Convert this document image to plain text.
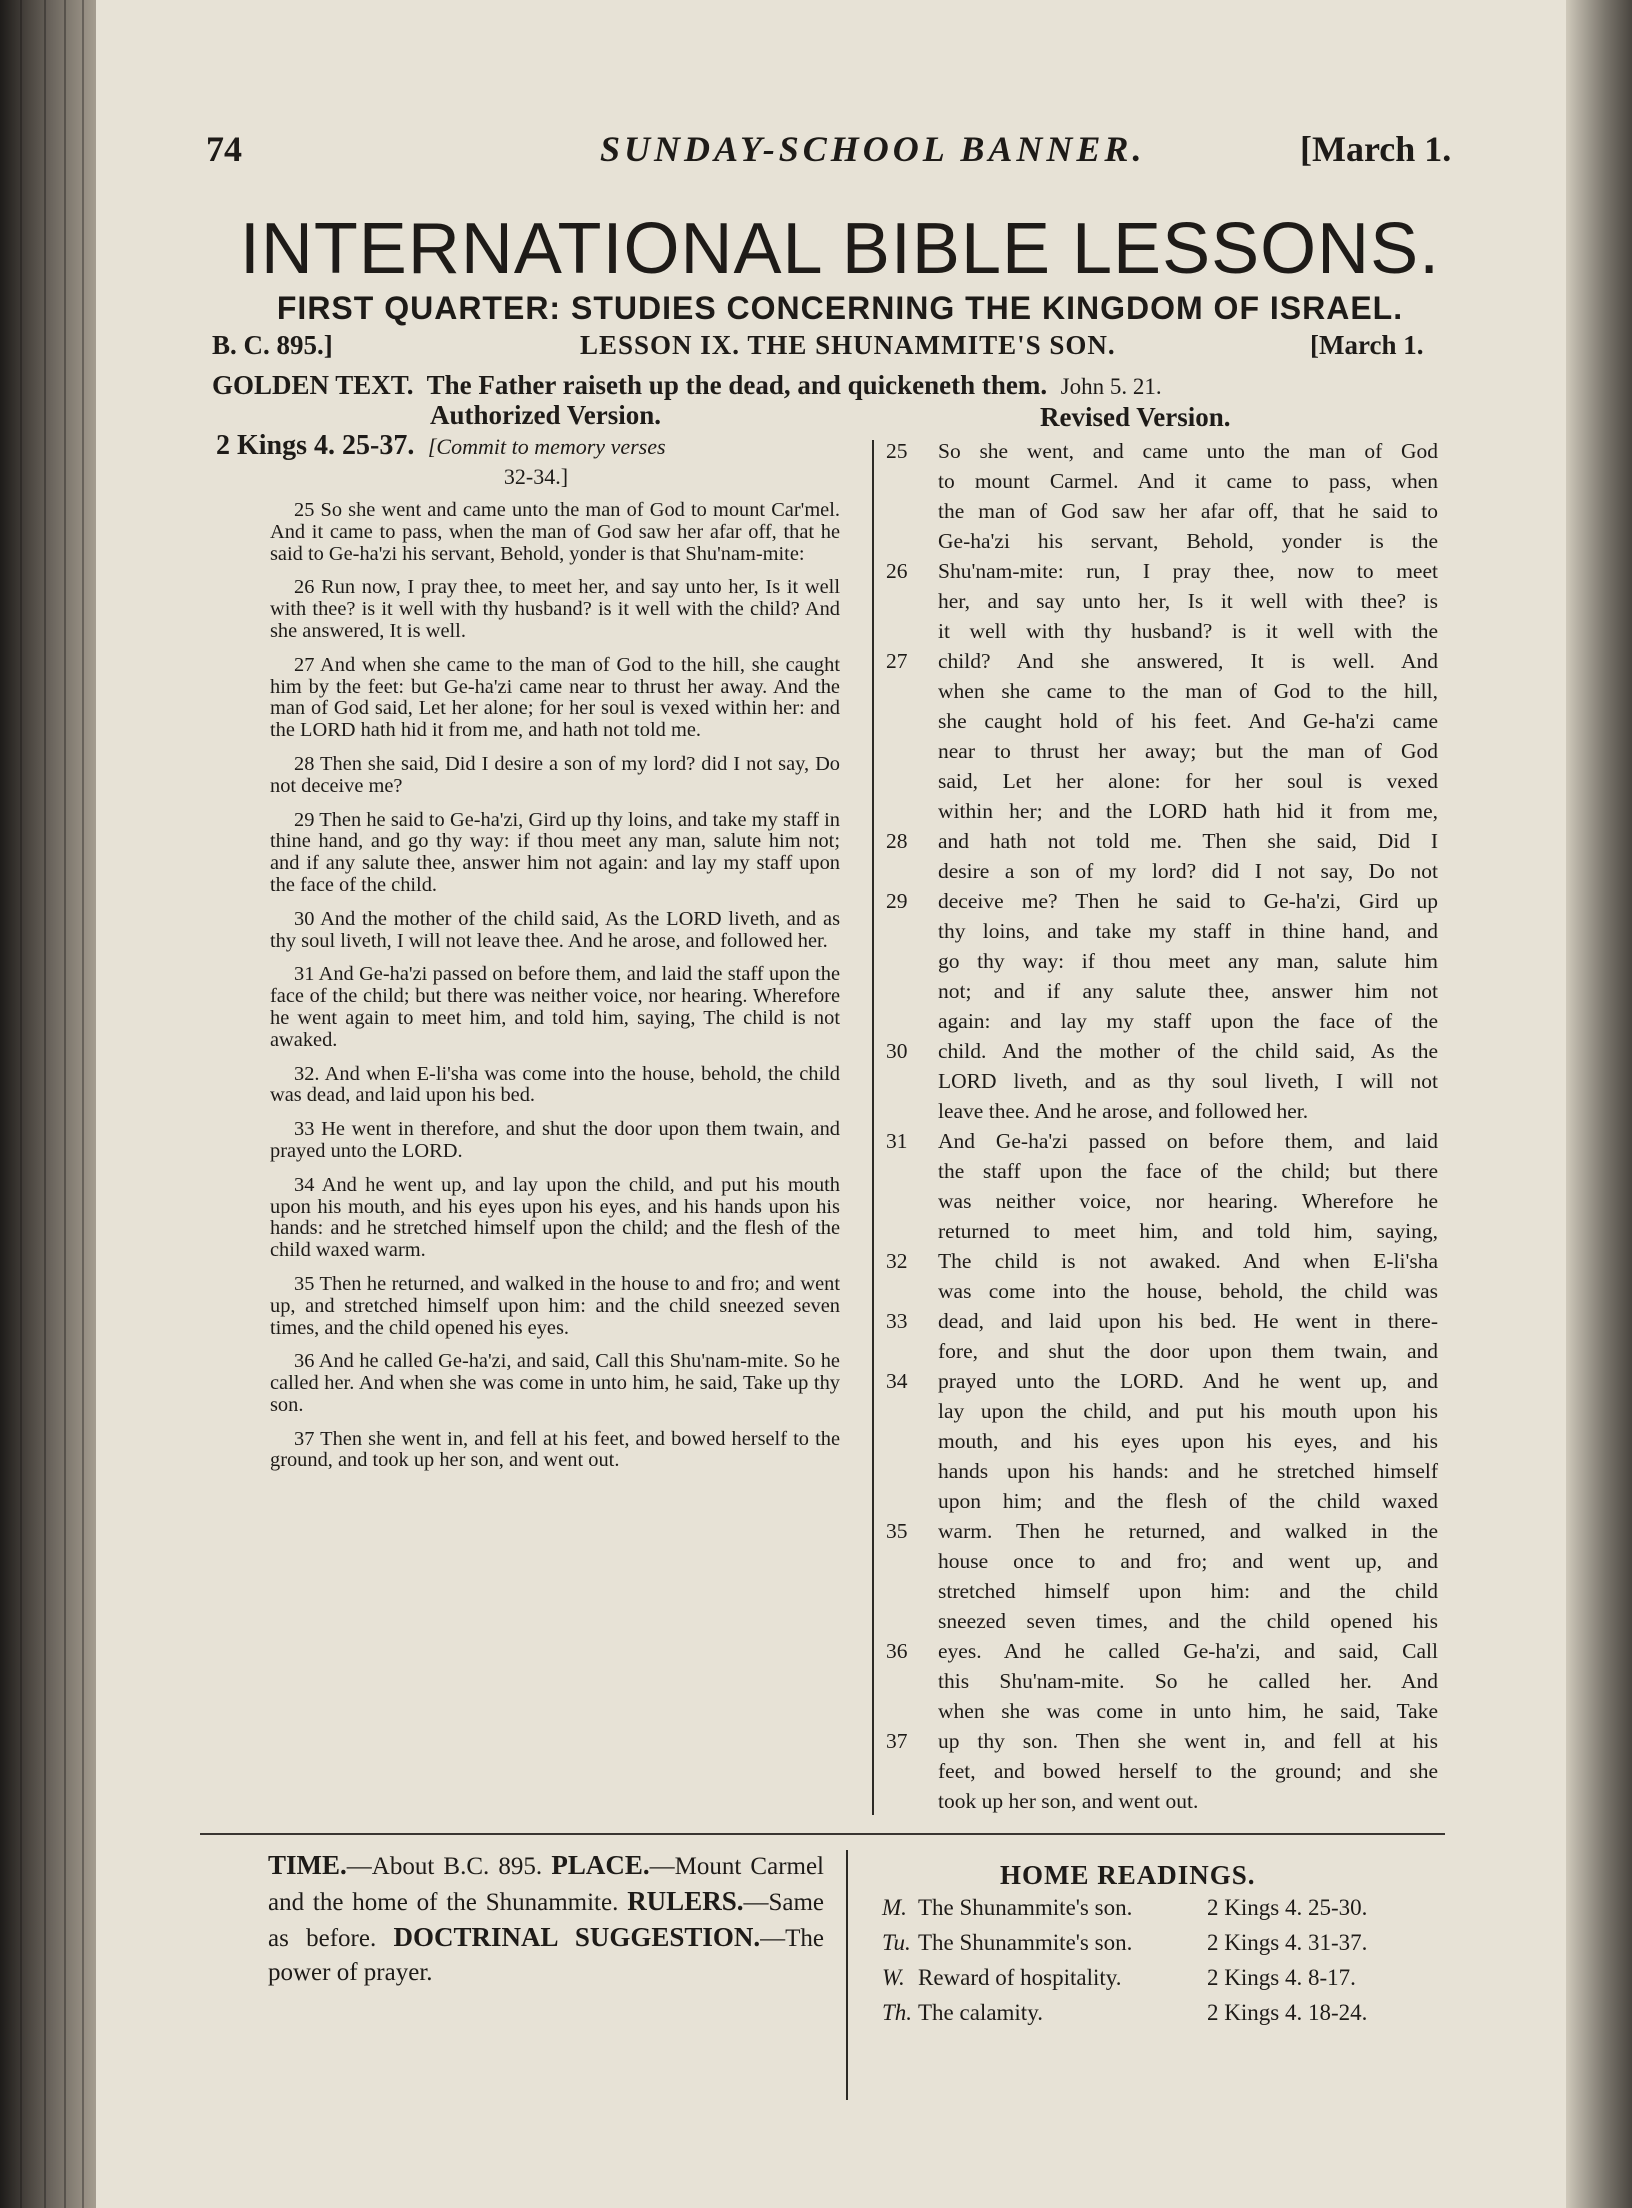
74	SUNDAY-SCHOOL BANNER.	[March 1.
INTERNATIONAL BIBLE LESSONS.
FIRST QUARTER: STUDIES CONCERNING THE KINGDOM OF ISRAEL.
B. C. 895.]	LESSON IX. THE SHUNAMMITE'S SON.	[March 1.
GOLDEN TEXT. The Father raiseth up the dead, and quickeneth them. John 5. 21.
Authorized Version.	Revised Version.
2 Kings 4. 25-37. [Commit to memory verses
32-34.]

25 So she went and came unto the man of God to mount Car'mel. And it came to pass, when the man of God saw her afar off, that he said to Ge-ha'zi his servant, Behold, yonder is that Shu'nam-mite:

26 Run now, I pray thee, to meet her, and say unto her, Is it well with thee? is it well with thy husband? is it well with the child? And she answered, It is well.

27 And when she came to the man of God to the hill, she caught him by the feet: but Ge-ha'zi came near to thrust her away. And the man of God said, Let her alone; for her soul is vexed within her: and the LORD hath hid it from me, and hath not told me.

28 Then she said, Did I desire a son of my lord? did I not say, Do not deceive me?

29 Then he said to Ge-ha'zi, Gird up thy loins, and take my staff in thine hand, and go thy way: if thou meet any man, salute him not; and if any salute thee, answer him not again: and lay my staff upon the face of the child.

30 And the mother of the child said, As the LORD liveth, and as thy soul liveth, I will not leave thee. And he arose, and followed her.

31 And Ge-ha'zi passed on before them, and laid the staff upon the face of the child; but there was neither voice, nor hearing. Wherefore he went again to meet him, and told him, saying, The child is not awaked.

32. And when E-li'sha was come into the house, behold, the child was dead, and laid upon his bed.

33 He went in therefore, and shut the door upon them twain, and prayed unto the LORD.

34 And he went up, and lay upon the child, and put his mouth upon his mouth, and his eyes upon his eyes, and his hands upon his hands: and he stretched himself upon the child; and the flesh of the child waxed warm.

35 Then he returned, and walked in the house to and fro; and went up, and stretched himself upon him: and the child sneezed seven times, and the child opened his eyes.

36 And he called Ge-ha'zi, and said, Call this Shu'nam-mite. So he called her. And when she was come in unto him, he said, Take up thy son.

37 Then she went in, and fell at his feet, and bowed herself to the ground, and took up her son, and went out.

25	So she went, and came unto the man of God
to mount Carmel. And it came to pass, when
the man of God saw her afar off, that he said to
Ge-ha'zi his servant, Behold, yonder is the
26	Shu'nam-mite: run, I pray thee, now to meet
her, and say unto her, Is it well with thee? is
it well with thy husband? is it well with the
27	child? And she answered, It is well. And
when she came to the man of God to the hill,
she caught hold of his feet. And Ge-ha'zi came
near to thrust her away; but the man of God
said, Let her alone: for her soul is vexed
within her; and the LORD hath hid it from me,
28	and hath not told me. Then she said, Did I
desire a son of my lord? did I not say, Do not
29	deceive me? Then he said to Ge-ha'zi, Gird up
thy loins, and take my staff in thine hand, and
go thy way: if thou meet any man, salute him
not; and if any salute thee, answer him not
again: and lay my staff upon the face of the
30	child. And the mother of the child said, As the
LORD liveth, and as thy soul liveth, I will not
leave thee. And he arose, and followed her.
31	And Ge-ha'zi passed on before them, and laid
the staff upon the face of the child; but there
was neither voice, nor hearing. Wherefore he
returned to meet him, and told him, saying,
32	The child is not awaked. And when E-li'sha
was come into the house, behold, the child was
33	dead, and laid upon his bed. He went in there-
fore, and shut the door upon them twain, and
34	prayed unto the LORD. And he went up, and
lay upon the child, and put his mouth upon his
mouth, and his eyes upon his eyes, and his
hands upon his hands: and he stretched himself
upon him; and the flesh of the child waxed
35	warm. Then he returned, and walked in the
house once to and fro; and went up, and
stretched himself upon him: and the child
sneezed seven times, and the child opened his
36	eyes. And he called Ge-ha'zi, and said, Call
this Shu'nam-mite. So he called her. And
when she was come in unto him, he said, Take
37	up thy son. Then she went in, and fell at his
feet, and bowed herself to the ground; and she
took up her son, and went out.
TIME.—About B.C. 895. PLACE.—Mount Carmel and the home of the Shunammite. RULERS.—Same as before. DOCTRINAL SUGGESTION.—The power of prayer.
HOME READINGS.
M. The Shunammite's son.	2 Kings 4. 25-30.
Tu. The Shunammite's son.	2 Kings 4. 31-37.
W. Reward of hospitality.	2 Kings 4. 8-17.
Th. The calamity.	2 Kings 4. 18-24.
